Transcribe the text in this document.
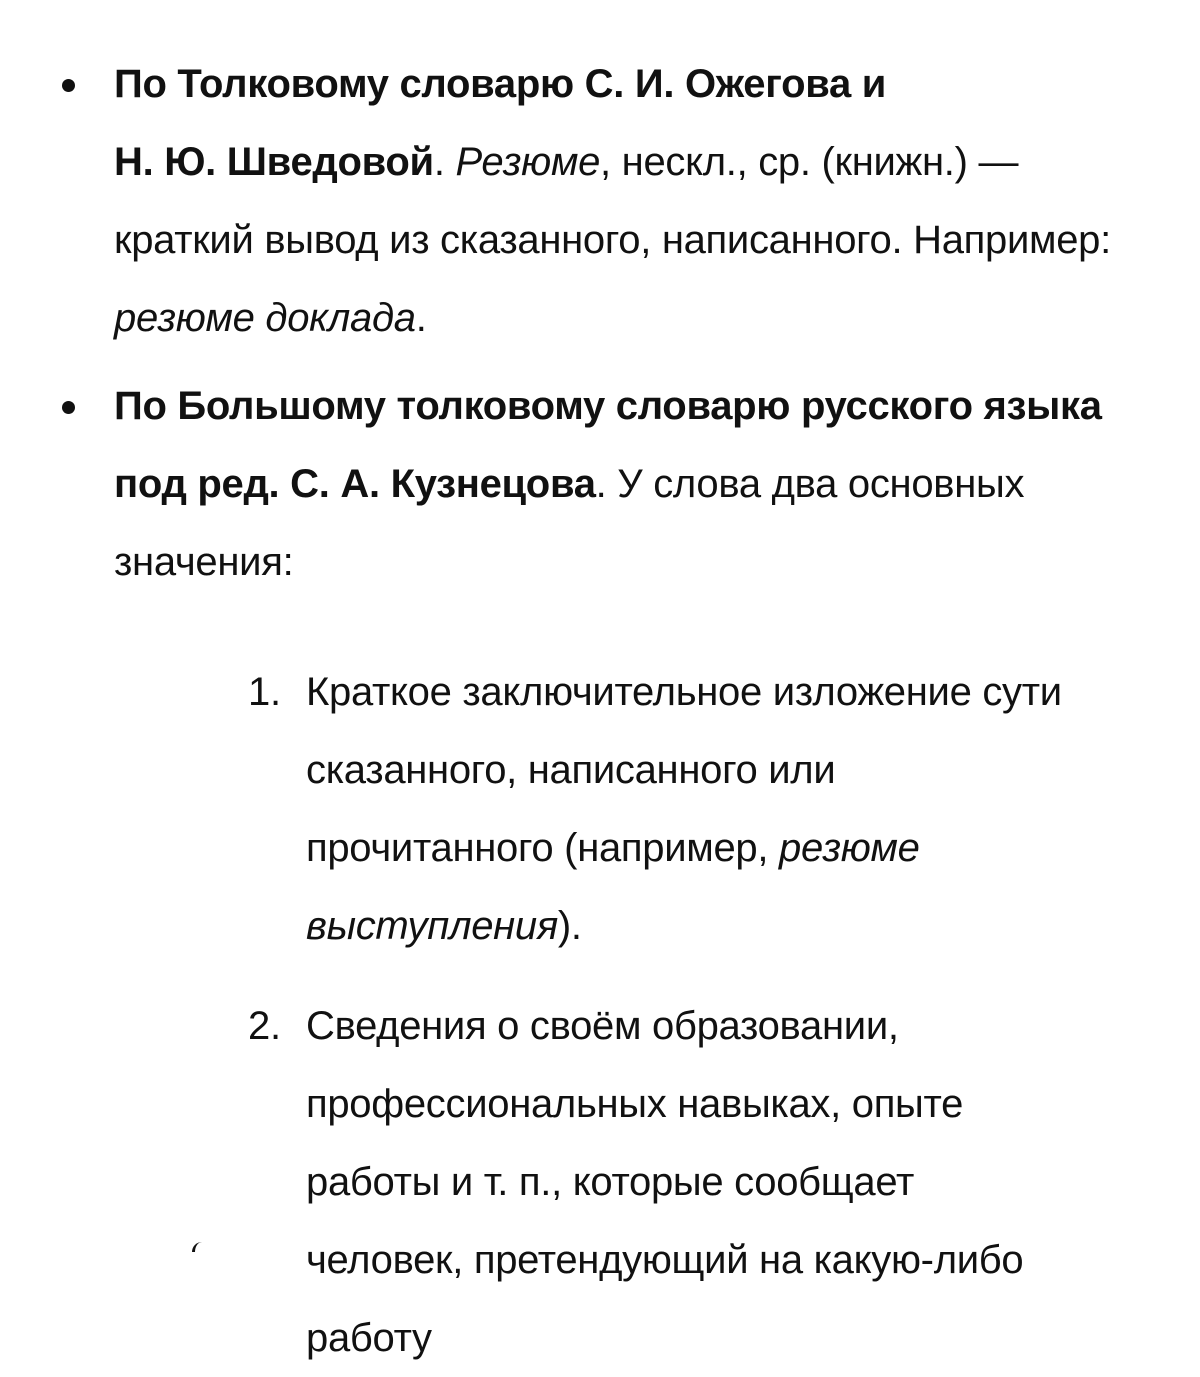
По Толковому словарю С. И. Ожегова и
Н. Ю. Шведовой. Резюме, нескл., ср. (книжн.) — краткий вывод из сказанного, написанного. Например: резюме доклада.
По Большому толковому словарю русского языка под ред. С. А. Кузнецова. У слова два основных значения:
1. Краткое заключительное изложение сути сказанного, написанного или прочитанного (например, резюме выступления).
2. Сведения о своём образовании, профессиональных навыках, опыте работы и т. п., которые сообщает человек, претендующий на какую-либо работу
